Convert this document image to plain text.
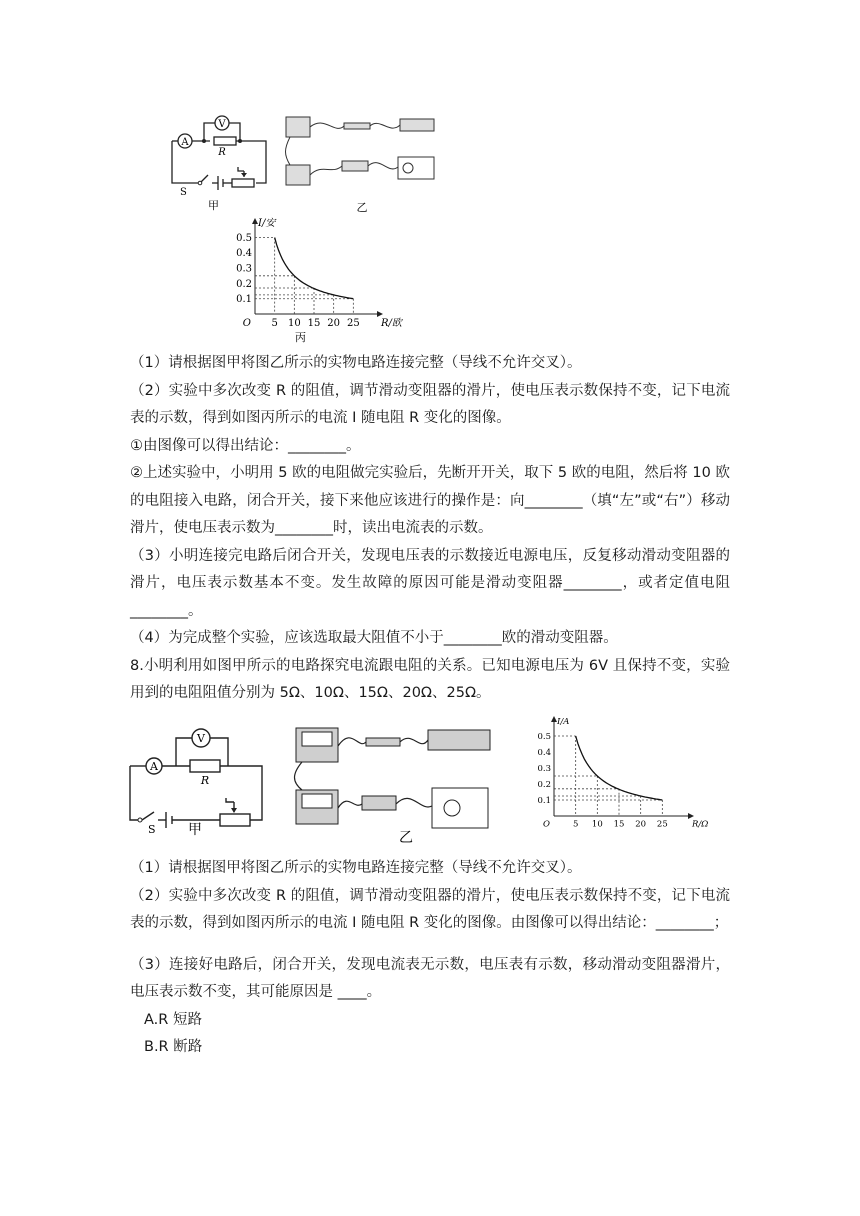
A
V
R
S
甲	乙
5 10 15 20 25
0.1
0.2
0.3
0.4
0.5
O	R/欧
I/安
丙

（1）请根据图甲将图乙所示的实物电路连接完整（导线不允许交叉）。

（2）实验中多次改变 R 的阻值，调节滑动变阻器的滑片，使电压表示数保持不变，记下电流表的示数，得到如图丙所示的电流 I 随电阻 R 变化的图像。

①由图像可以得出结论：________。

②上述实验中，小明用 5 欧的电阻做完实验后，先断开开关，取下 5 欧的电阻，然后将 10 欧的电阻接入电路，闭合开关，接下来他应该进行的操作是：向________（填“左”或“右”）移动滑片，使电压表示数为________时，读出电流表的示数。

（3）小明连接完电路后闭合开关，发现电压表的示数接近电源电压，反复移动滑动变阻器的滑片，电压表示数基本不变。发生故障的原因可能是滑动变阻器________，或者定值电阻________。

（4）为完成整个实验，应该选取最大阻值不小于________欧的滑动变阻器。

8.小明利用如图甲所示的电路探究电流跟电阻的关系。已知电源电压为 6V 且保持不变，实验用到的电阻阻值分别为 5Ω、10Ω、15Ω、20Ω、25Ω。

A
V
R
S 甲	乙
5 10 15 20 25
0.1
0.2
0.3
0.4
0.5
O	R/Ω
I/A

（1）请根据图甲将图乙所示的实物电路连接完整（导线不允许交叉）。

（2）实验中多次改变 R 的阻值，调节滑动变阻器的滑片，使电压表示数保持不变，记下电流表的示数，得到如图丙所示的电流 I 随电阻 R 变化的图像。由图像可以得出结论：________；

（3）连接好电路后，闭合开关，发现电流表无示数，电压表有示数，移动滑动变阻器滑片，电压表示数不变，其可能原因是 ____。

A.R 短路

B.R 断路
